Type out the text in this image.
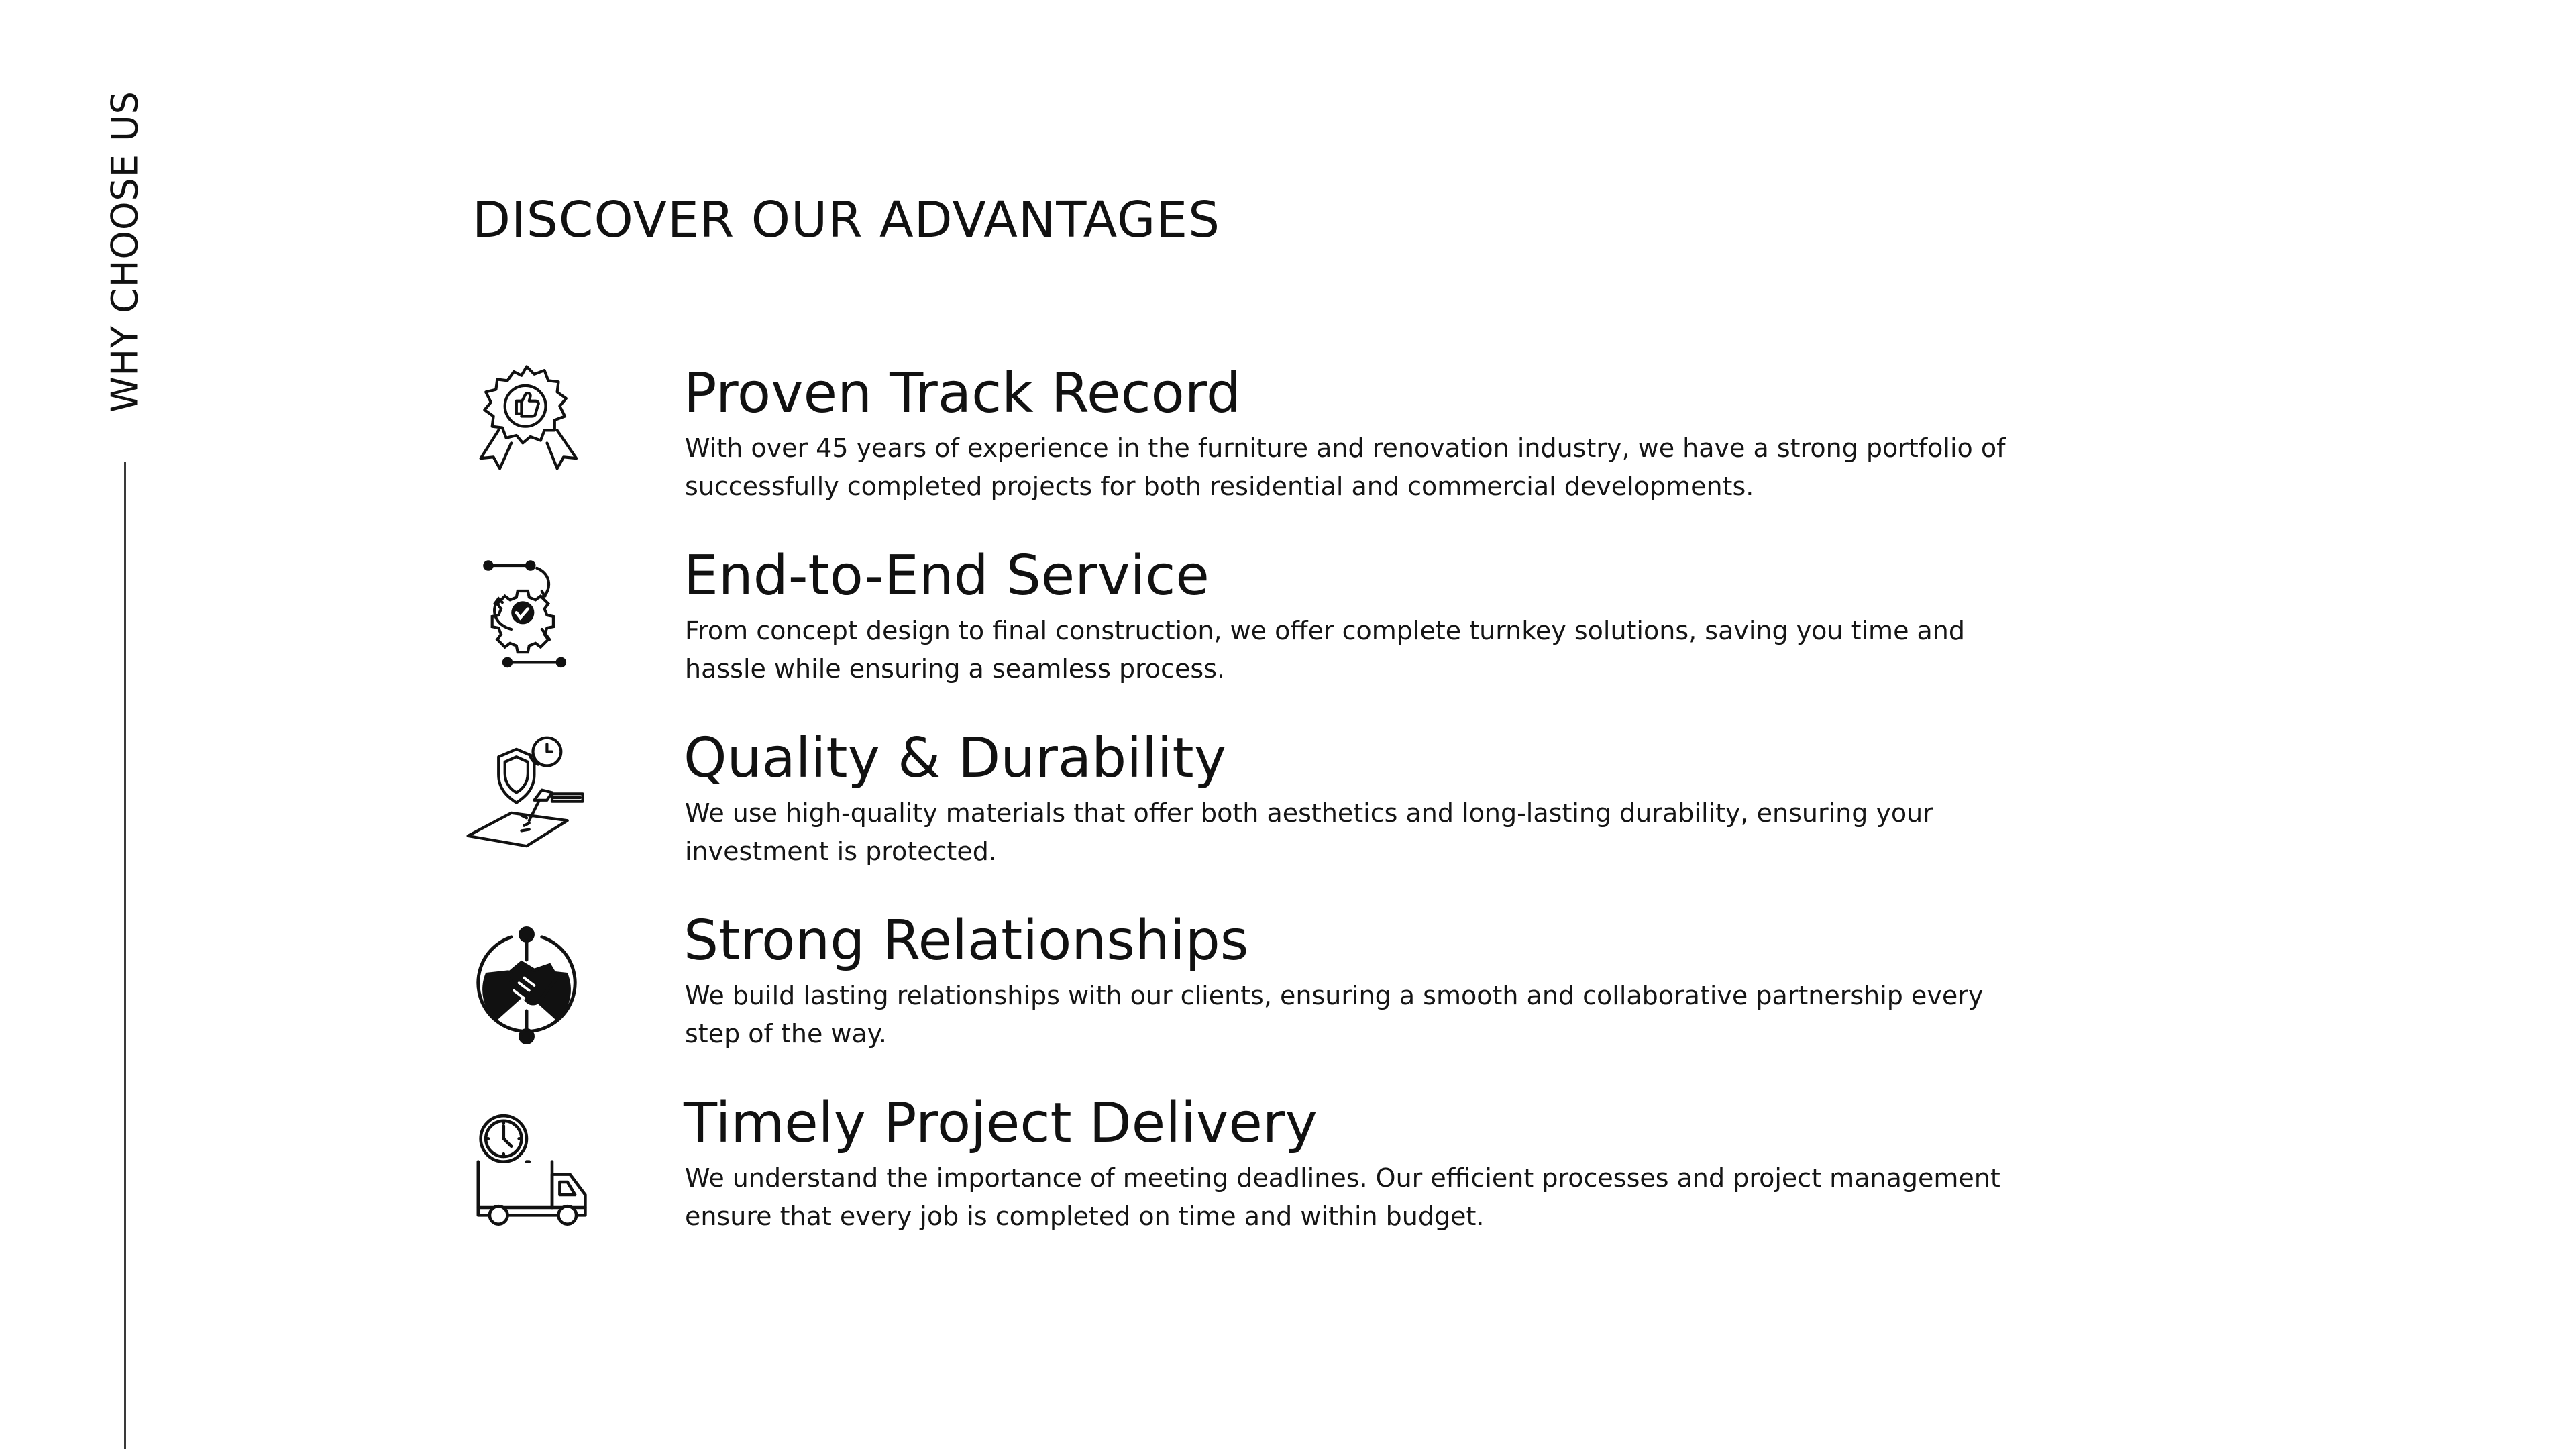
WHY CHOOSE US	DISCOVER OUR ADVANTAGES
Proven Track Record

With over 45 years of experience in the furniture and renovation industry, we have a strong portfolio of successfully completed projects for both residential and commercial developments.

End-to-End Service

From concept design to final construction, we offer complete turnkey solutions, saving you time and hassle while ensuring a seamless process.

Quality & Durability

We use high-quality materials that offer both aesthetics and long-lasting durability, ensuring your investment is protected.

Strong Relationships

We build lasting relationships with our clients, ensuring a smooth and collaborative partnership every step of the way.

Timely Project Delivery

We understand the importance of meeting deadlines. Our efficient processes and project management ensure that every job is completed on time and within budget.
